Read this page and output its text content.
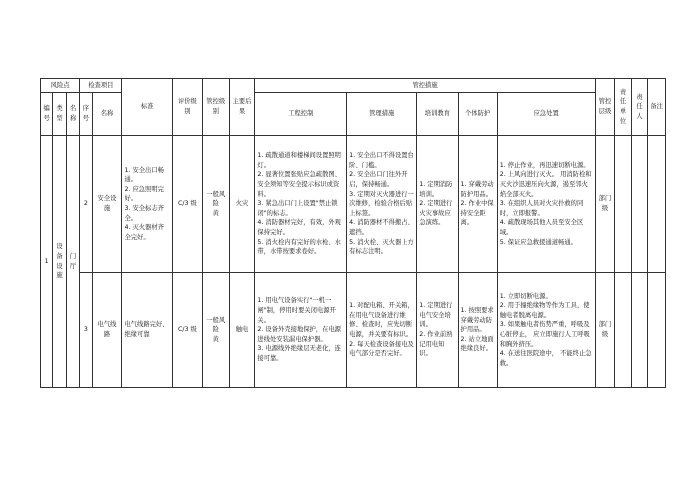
风险点			检查项目		标准	评价级别	管控级别	主要后果	管控措施					管控层级	责任单位	责任人	备注
编号	类型	名称	序号	名称					工程控制	管理措施	培训教育	个体防护	应急处置				
1	设备设施	门厅	2	安全设施	1. 安全出口畅通。
2. 应急照明完好。
3. 安全标志齐全。
4. 灭火器材齐全完好。	C/3 级	一般风险
黄	火灾	1. 疏散通道和楼梯间设置照明灯。
2. 显著位置张贴应急疏散图、安全须知等安全提示标识或资料。
3. 紧急出口门上设置"禁止锁闭"的标志。
4. 消防器材完好，有效，外观保持完好。
5. 消火栓内有完好的水枪、水带，水带按要求卷好。	1. 安全出口不得设置台阶、门槛。
2. 安全出口门往外开启，保持畅通。
3. 定期对灭火器进行一次维修，检验合格后贴上标签。
4. 消防器材不得搬占、遮挡。
5. 消火栓、灭火器上方有标志注明。	1. 定期消防培训。
2. 定期进行火灾事故应急演练。	1. 穿戴劳动防护用品。
2. 作业中保持安全距离。	1. 停止作业，再迅速切断电源。
2. 上风向进行灭火。 用消防栓和灭火沙迅速压向火源，遏至邻火焰全部灭火。
3. 在组织人员对火灾扑救的同时，立即报警。
4. 疏散现场其他人员至安全区域。
5. 保证应急救援通道畅通。	部门级			
			3	电气线路	电气线路完好、绝缘可靠	C/3 级	一般风险
黄	触电	1. 用电气设备实行"一机一闸"制，停用时要关闭电源开关。
2. 设备外壳接地保护，在电源进线处安装漏电保护器。
3. 电源线外绝缘层无老化，连接可靠。	1. 对配电箱、开关箱，在用电气设备进行维修、检查时，应先切断电源，并关要有标识。
2. 每天检查设备接电及电气部分是否完好。	1. 定期进行电气安全培训。
2. 作业前熟记用电知识。	1. 按照要求穿戴劳动防护用品。
2. 站立地面绝缘良好。	1. 立即切断电源。
2. 用于撞绝缘物等作为工具，使触电者脱离电源。
3. 如果触电者伤势严重，呼吸及心脏停止， 应立即施行人工呼吸和胸外挤压。
4. 在送往医院途中， 不能终止急救。	部门级			
